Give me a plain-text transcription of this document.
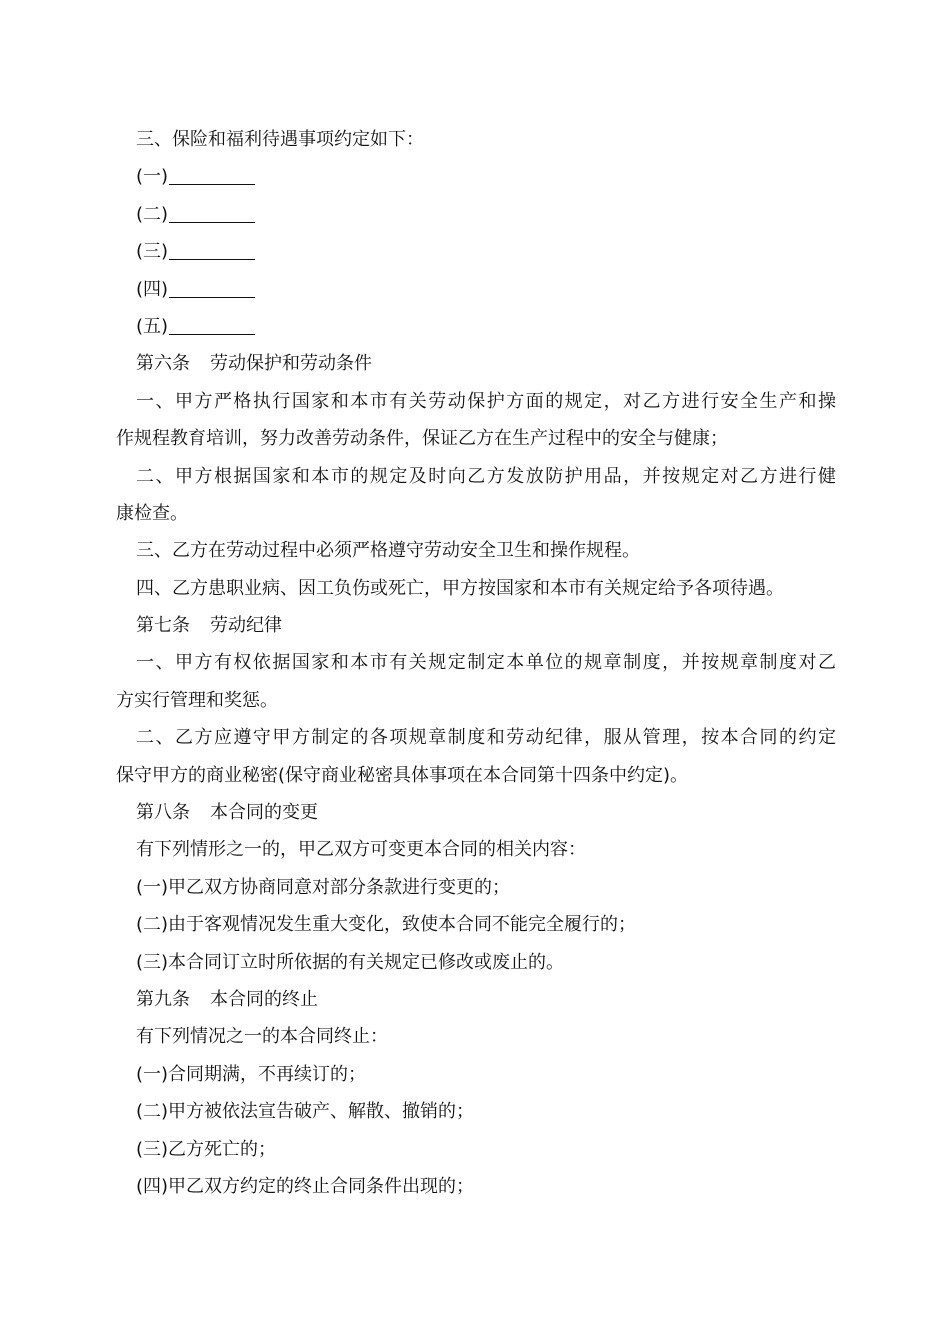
三、保险和福利待遇事项约定如下：
(一)
(二)
(三)
(四)
(五)
第六条 劳动保护和劳动条件
一、甲方严格执行国家和本市有关劳动保护方面的规定，对乙方进行安全生产和操
作规程教育培训，努力改善劳动条件，保证乙方在生产过程中的安全与健康；
二、甲方根据国家和本市的规定及时向乙方发放防护用品，并按规定对乙方进行健
康检查。
三、乙方在劳动过程中必须严格遵守劳动安全卫生和操作规程。
四、乙方患职业病、因工负伤或死亡，甲方按国家和本市有关规定给予各项待遇。
第七条 劳动纪律
一、甲方有权依据国家和本市有关规定制定本单位的规章制度，并按规章制度对乙
方实行管理和奖惩。
二、乙方应遵守甲方制定的各项规章制度和劳动纪律，服从管理，按本合同的约定
保守甲方的商业秘密(保守商业秘密具体事项在本合同第十四条中约定)。
第八条 本合同的变更
有下列情形之一的，甲乙双方可变更本合同的相关内容：
(一)甲乙双方协商同意对部分条款进行变更的；
(二)由于客观情况发生重大变化，致使本合同不能完全履行的；
(三)本合同订立时所依据的有关规定已修改或废止的。
第九条 本合同的终止
有下列情况之一的本合同终止：
(一)合同期满，不再续订的；
(二)甲方被依法宣告破产、解散、撤销的；
(三)乙方死亡的；
(四)甲乙双方约定的终止合同条件出现的；
